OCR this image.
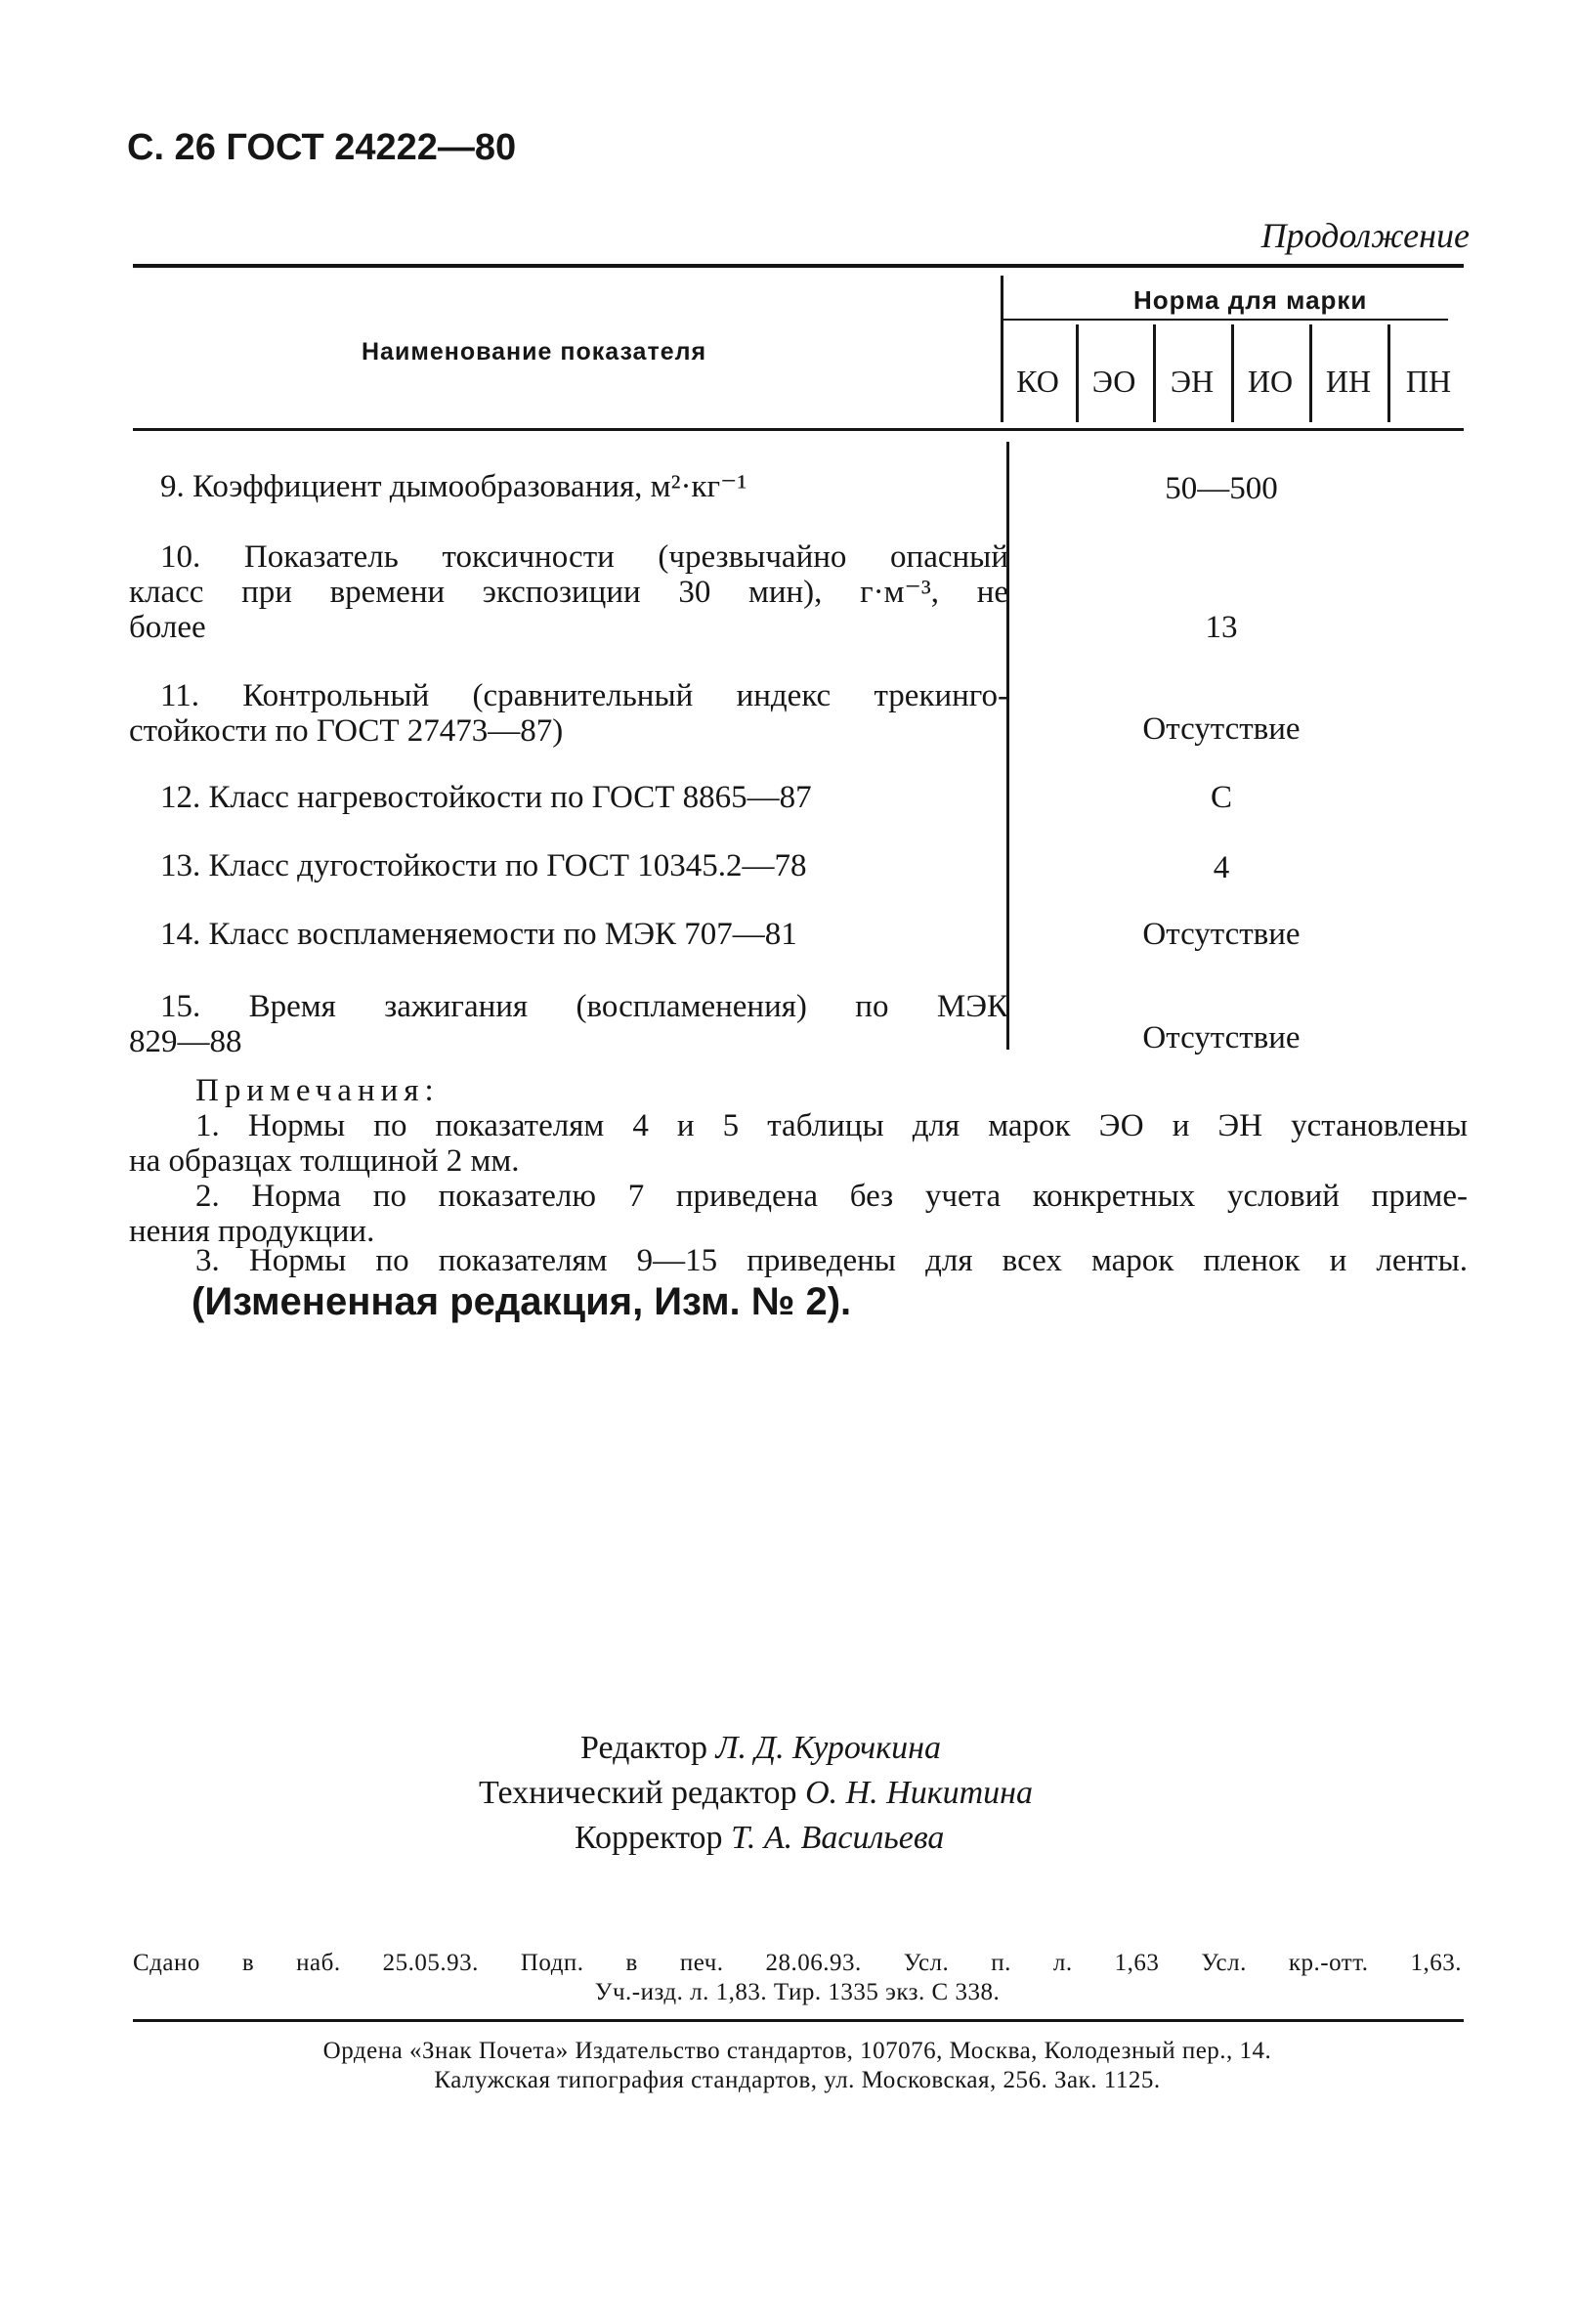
С. 26 ГОСТ 24222—80
Продолжение
Наименование показателя
Норма для марки
КО	ЭО	ЭН	ИО	ИН	ПН
9. Коэффициент дымообразования, м²·кг⁻¹	50—500
10. Показатель токсичности (чрезвычайно опасный
класс при времени экспозиции 30 мин), г·м⁻³, не
более	13
11. Контрольный (сравнительный индекс трекинго-
стойкости по ГОСТ 27473—87)	Отсутствие
12. Класс нагревостойкости по ГОСТ 8865—87	С
13. Класс дугостойкости по ГОСТ 10345.2—78	4
14. Класс воспламеняемости по МЭК 707—81	Отсутствие
15. Время зажигания (воспламенения) по МЭК
829—88	Отсутствие
Примечания:
1. Нормы по показателям 4 и 5 таблицы для марок ЭО и ЭН установлены
на образцах толщиной 2 мм.
2. Норма по показателю 7 приведена без учета конкретных условий приме-
нения продукции.
3. Нормы по показателям 9—15 приведены для всех марок пленок и ленты.
(Измененная редакция, Изм. № 2).
Редактор Л. Д. Курочкина
Технический редактор О. Н. Никитина
Корректор Т. А. Васильева
Сдано в наб. 25.05.93. Подп. в печ. 28.06.93. Усл. п. л. 1,63 Усл. кр.-отт. 1,63.
Уч.-изд. л. 1,83. Тир. 1335 экз. С 338.
Ордена «Знак Почета» Издательство стандартов, 107076, Москва, Колодезный пер., 14.
Калужская типография стандартов, ул. Московская, 256. Зак. 1125.
